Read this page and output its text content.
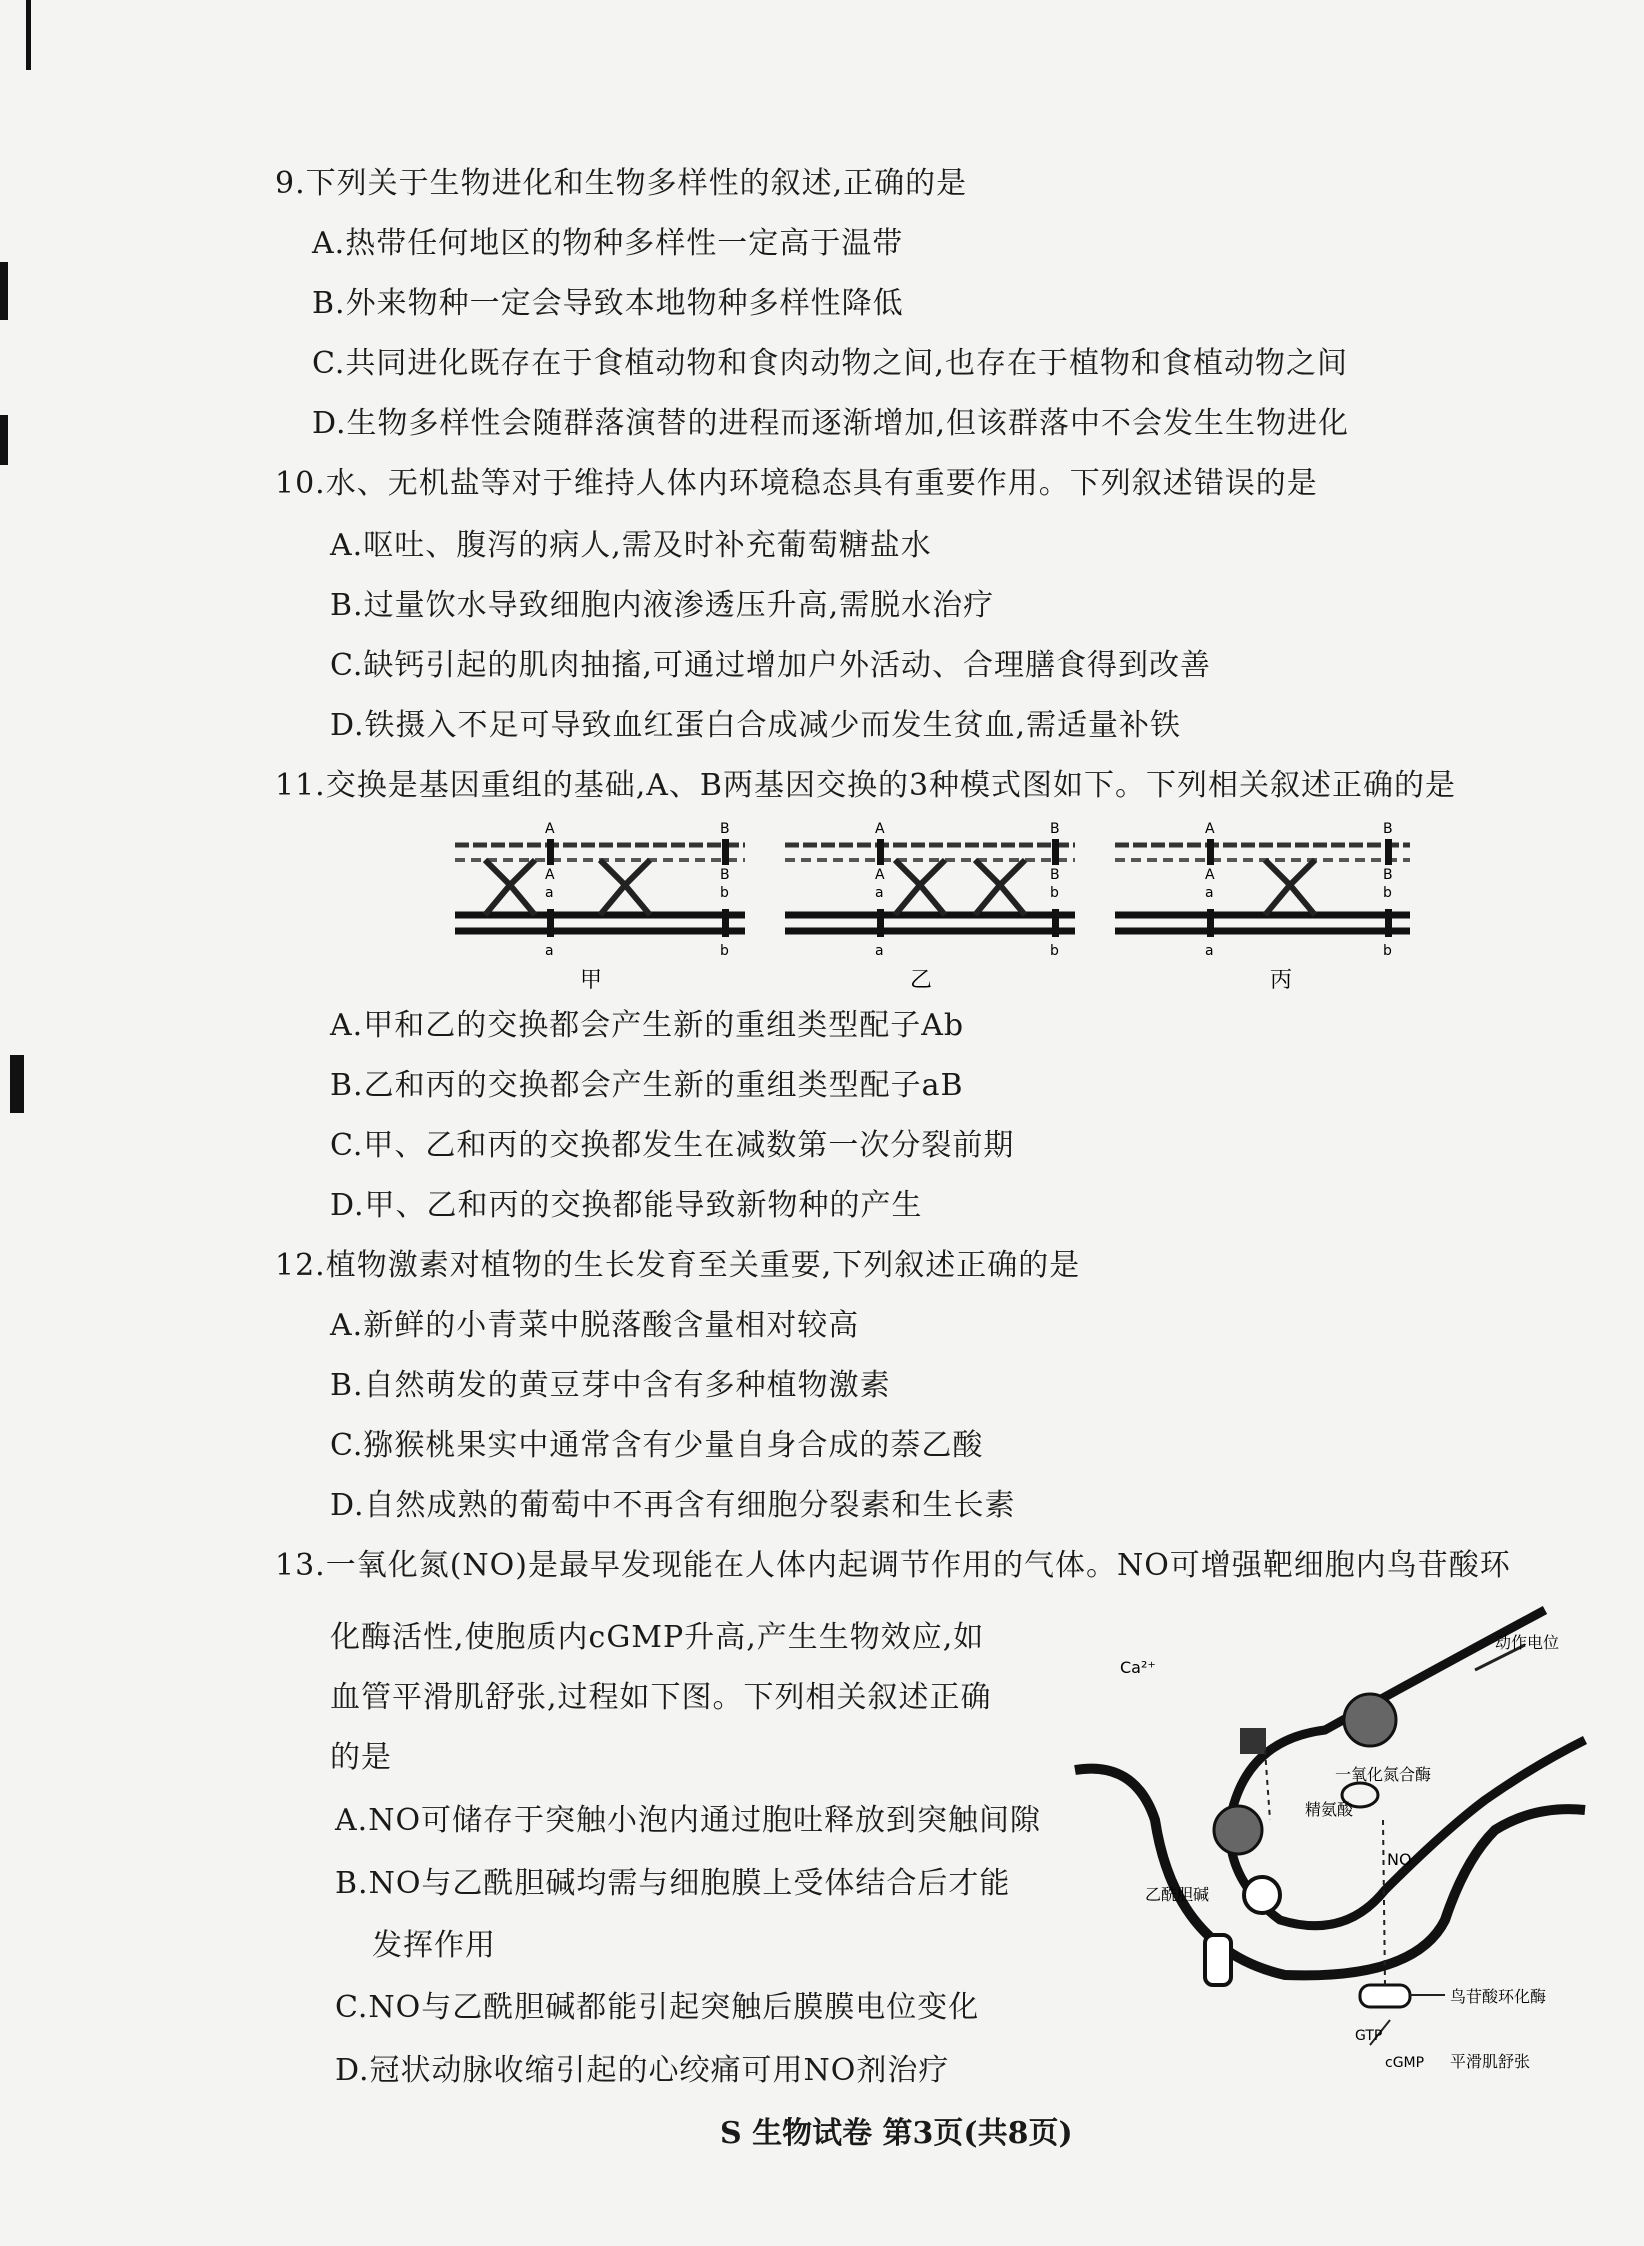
9.下列关于生物进化和生物多样性的叙述,正确的是
A.热带任何地区的物种多样性一定高于温带
B.外来物种一定会导致本地物种多样性降低
C.共同进化既存在于食植动物和食肉动物之间,也存在于植物和食植动物之间
D.生物多样性会随群落演替的进程而逐渐增加,但该群落中不会发生生物进化
10.水、无机盐等对于维持人体内环境稳态具有重要作用。下列叙述错误的是
A.呕吐、腹泻的病人,需及时补充葡萄糖盐水
B.过量饮水导致细胞内液渗透压升高,需脱水治疗
C.缺钙引起的肌肉抽搐,可通过增加户外活动、合理膳食得到改善
D.铁摄入不足可导致血红蛋白合成减少而发生贫血,需适量补铁
11.交换是基因重组的基础,A、B两基因交换的3种模式图如下。下列相关叙述正确的是
A
A
a
a
B
B
b
b
甲
A
A
a
a
B
B
b
b
乙
A
A
a
a
B
B
b
b
丙
A.甲和乙的交换都会产生新的重组类型配子Ab
B.乙和丙的交换都会产生新的重组类型配子aB
C.甲、乙和丙的交换都发生在减数第一次分裂前期
D.甲、乙和丙的交换都能导致新物种的产生
12.植物激素对植物的生长发育至关重要,下列叙述正确的是
A.新鲜的小青菜中脱落酸含量相对较高
B.自然萌发的黄豆芽中含有多种植物激素
C.猕猴桃果实中通常含有少量自身合成的萘乙酸
D.自然成熟的葡萄中不再含有细胞分裂素和生长素
13.一氧化氮(NO)是最早发现能在人体内起调节作用的气体。NO可增强靶细胞内鸟苷酸环
化酶活性,使胞质内cGMP升高,产生生物效应,如
血管平滑肌舒张,过程如下图。下列相关叙述正确
的是
A.NO可储存于突触小泡内通过胞吐释放到突触间隙
B.NO与乙酰胆碱均需与细胞膜上受体结合后才能
发挥作用
C.NO与乙酰胆碱都能引起突触后膜膜电位变化
D.冠状动脉收缩引起的心绞痛可用NO剂治疗
Ca²⁺
动作电位
一氧化氮合酶
精氨酸
NO
乙酰胆碱
鸟苷酸环化酶
GTP
cGMP 平滑肌舒张
S 生物试卷 第3页(共8页)
